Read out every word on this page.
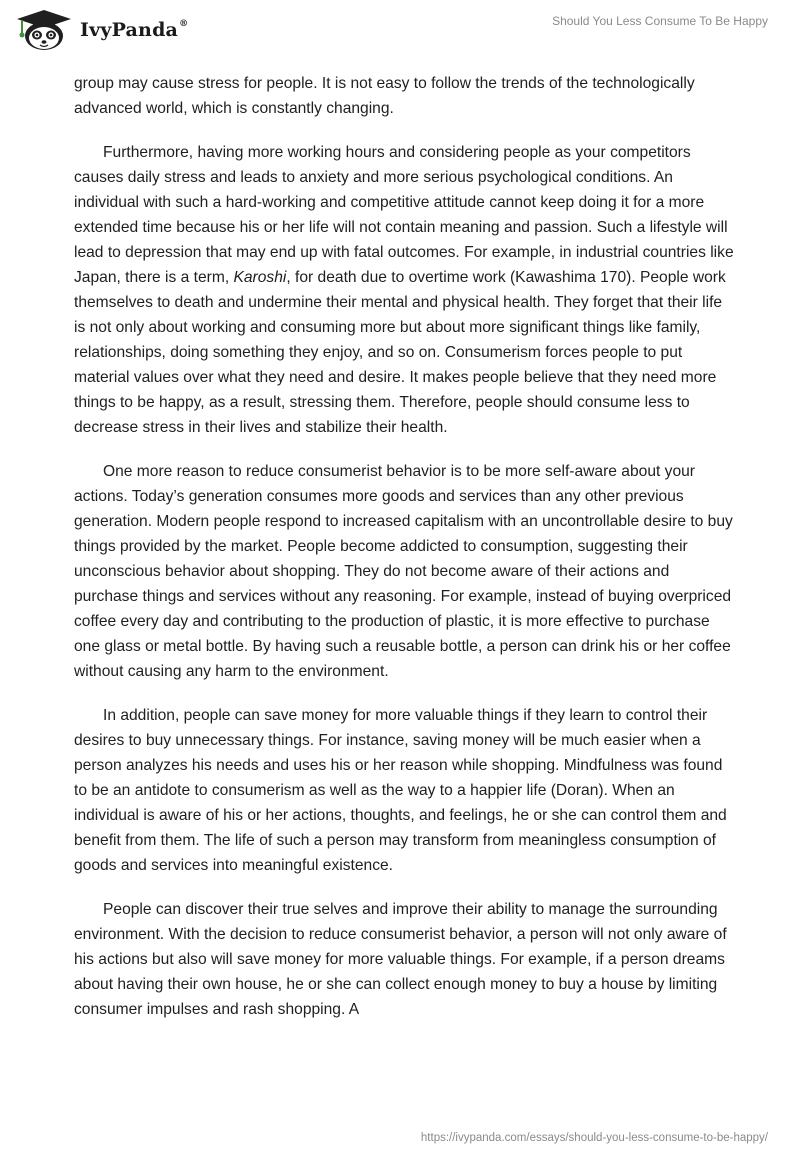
IvyPanda®	Should You Less Consume To Be Happy

group may cause stress for people. It is not easy to follow the trends of the technologically advanced world, which is constantly changing.

Furthermore, having more working hours and considering people as your competitors causes daily stress and leads to anxiety and more serious psychological conditions. An individual with such a hard-working and competitive attitude cannot keep doing it for a more extended time because his or her life will not contain meaning and passion. Such a lifestyle will lead to depression that may end up with fatal outcomes. For example, in industrial countries like Japan, there is a term, Karoshi, for death due to overtime work (Kawashima 170). People work themselves to death and undermine their mental and physical health. They forget that their life is not only about working and consuming more but about more significant things like family, relationships, doing something they enjoy, and so on. Consumerism forces people to put material values over what they need and desire. It makes people believe that they need more things to be happy, as a result, stressing them. Therefore, people should consume less to decrease stress in their lives and stabilize their health.

One more reason to reduce consumerist behavior is to be more self-aware about your actions. Today’s generation consumes more goods and services than any other previous generation. Modern people respond to increased capitalism with an uncontrollable desire to buy things provided by the market. People become addicted to consumption, suggesting their unconscious behavior about shopping. They do not become aware of their actions and purchase things and services without any reasoning. For example, instead of buying overpriced coffee every day and contributing to the production of plastic, it is more effective to purchase one glass or metal bottle. By having such a reusable bottle, a person can drink his or her coffee without causing any harm to the environment.

In addition, people can save money for more valuable things if they learn to control their desires to buy unnecessary things. For instance, saving money will be much easier when a person analyzes his needs and uses his or her reason while shopping. Mindfulness was found to be an antidote to consumerism as well as the way to a happier life (Doran). When an individual is aware of his or her actions, thoughts, and feelings, he or she can control them and benefit from them. The life of such a person may transform from meaningless consumption of goods and services into meaningful existence.

People can discover their true selves and improve their ability to manage the surrounding environment. With the decision to reduce consumerist behavior, a person will not only aware of his actions but also will save money for more valuable things. For example, if a person dreams about having their own house, he or she can collect enough money to buy a house by limiting consumer impulses and rash shopping. A

https://ivypanda.com/essays/should-you-less-consume-to-be-happy/
